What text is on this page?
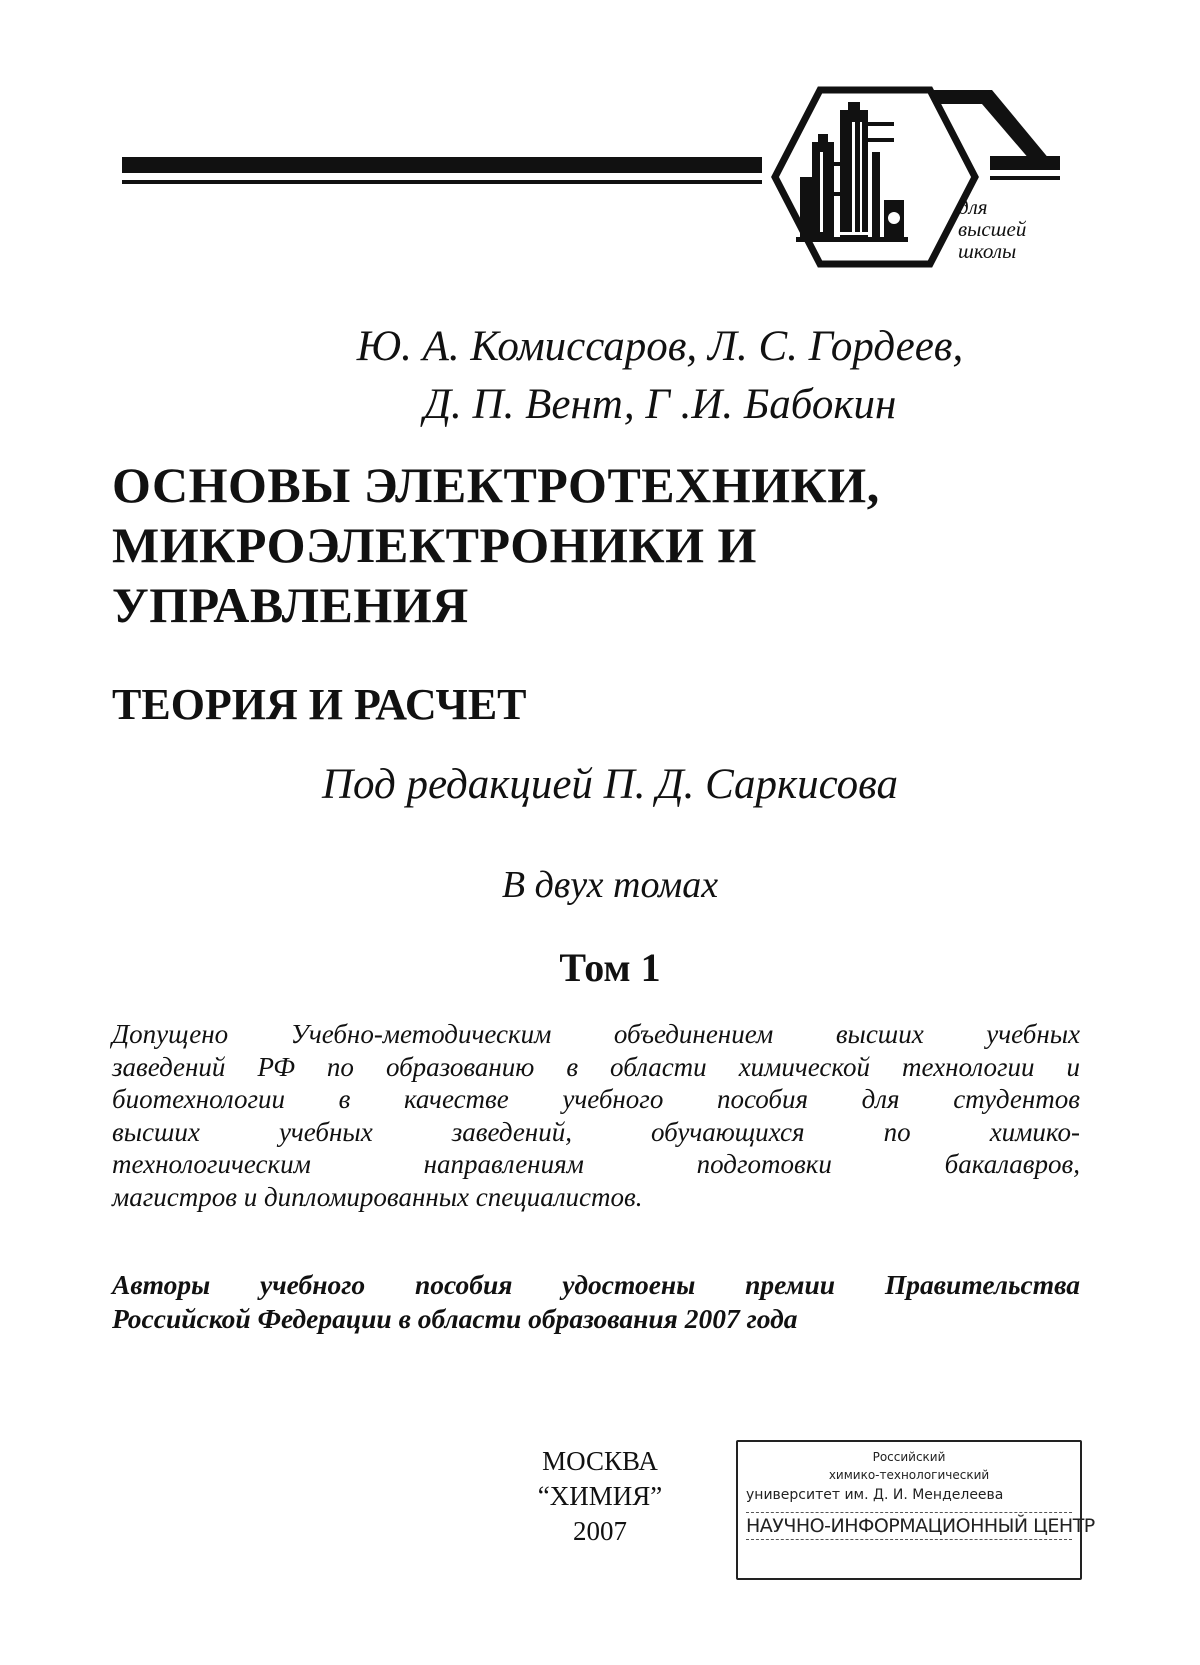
для
высшей
школы
Ю. А. Комиссаров, Л. С. Гордеев,
Д. П. Вент, Г .И. Бабокин
ОСНОВЫ ЭЛЕКТРОТЕХНИКИ,
МИКРОЭЛЕКТРОНИКИ И
УПРАВЛЕНИЯ
ТЕОРИЯ И РАСЧЕТ
Под редакцией П. Д. Саркисова
В двух томах
Том 1
Допущено Учебно-методическим объединением высших учебных
заведений РФ по образованию в области химической технологии и
биотехнологии в качестве учебного пособия для студентов
высших учебных заведений, обучающихся по химико-
технологическим направлениям подготовки бакалавров,
магистров и дипломированных специалистов.
Авторы учебного пособия удостоены премии Правительства
Российской Федерации в области образования 2007 года
МОСКВА
“ХИМИЯ”
2007
Российский
химико-технологический
университет им. Д. И. Менделеева
НАУЧНО-ИНФОРМАЦИОННЫЙ ЦЕНТР
